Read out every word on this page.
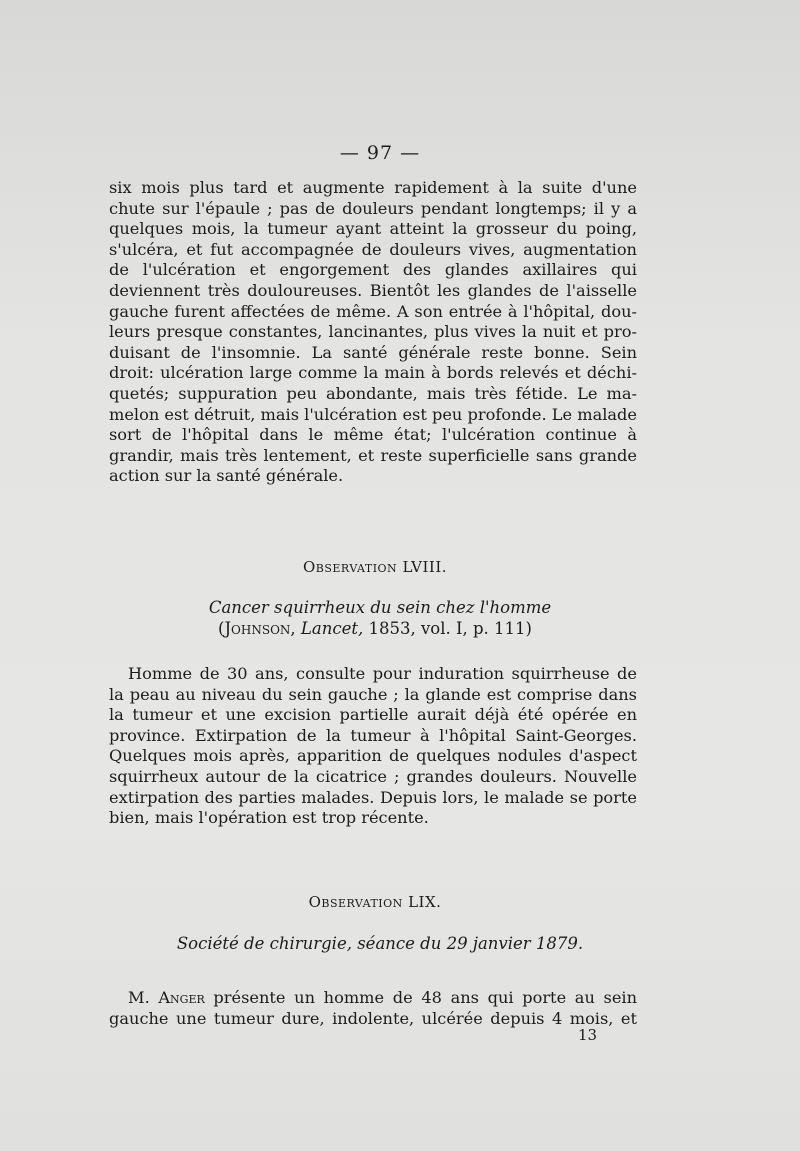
— 97 —

six mois plus tard et augmente rapidement à la suite d'une
chute sur l'épaule ; pas de douleurs pendant longtemps; il y a
quelques mois, la tumeur ayant atteint la grosseur du poing,
s'ulcéra, et fut accompagnée de douleurs vives, augmentation
de l'ulcération et engorgement des glandes axillaires qui
deviennent très douloureuses. Bientôt les glandes de l'aisselle
gauche furent affectées de même. A son entrée à l'hôpital, dou-
leurs presque constantes, lancinantes, plus vives la nuit et pro-
duisant de l'insomnie. La santé générale reste bonne. Sein
droit: ulcération large comme la main à bords relevés et déchi-
quetés; suppuration peu abondante, mais très fétide. Le ma-
melon est détruit, mais l'ulcération est peu profonde. Le malade
sort de l'hôpital dans le même état; l'ulcération continue à
grandir, mais très lentement, et reste superficielle sans grande
action sur la santé générale.

Observation LVIII.
Cancer squirrheux du sein chez l'homme
(Johnson, Lancet, 1853, vol. I, p. 111)

Homme de 30 ans, consulte pour induration squirrheuse de
la peau au niveau du sein gauche ; la glande est comprise dans
la tumeur et une excision partielle aurait déjà été opérée en
province. Extirpation de la tumeur à l'hôpital Saint-Georges.
Quelques mois après, apparition de quelques nodules d'aspect
squirrheux autour de la cicatrice ; grandes douleurs. Nouvelle
extirpation des parties malades. Depuis lors, le malade se porte
bien, mais l'opération est trop récente.

Observation LIX.
Société de chirurgie, séance du 29 janvier 1879.

M. Anger présente un homme de 48 ans qui porte au sein
gauche une tumeur dure, indolente, ulcérée depuis 4 mois, et

13
